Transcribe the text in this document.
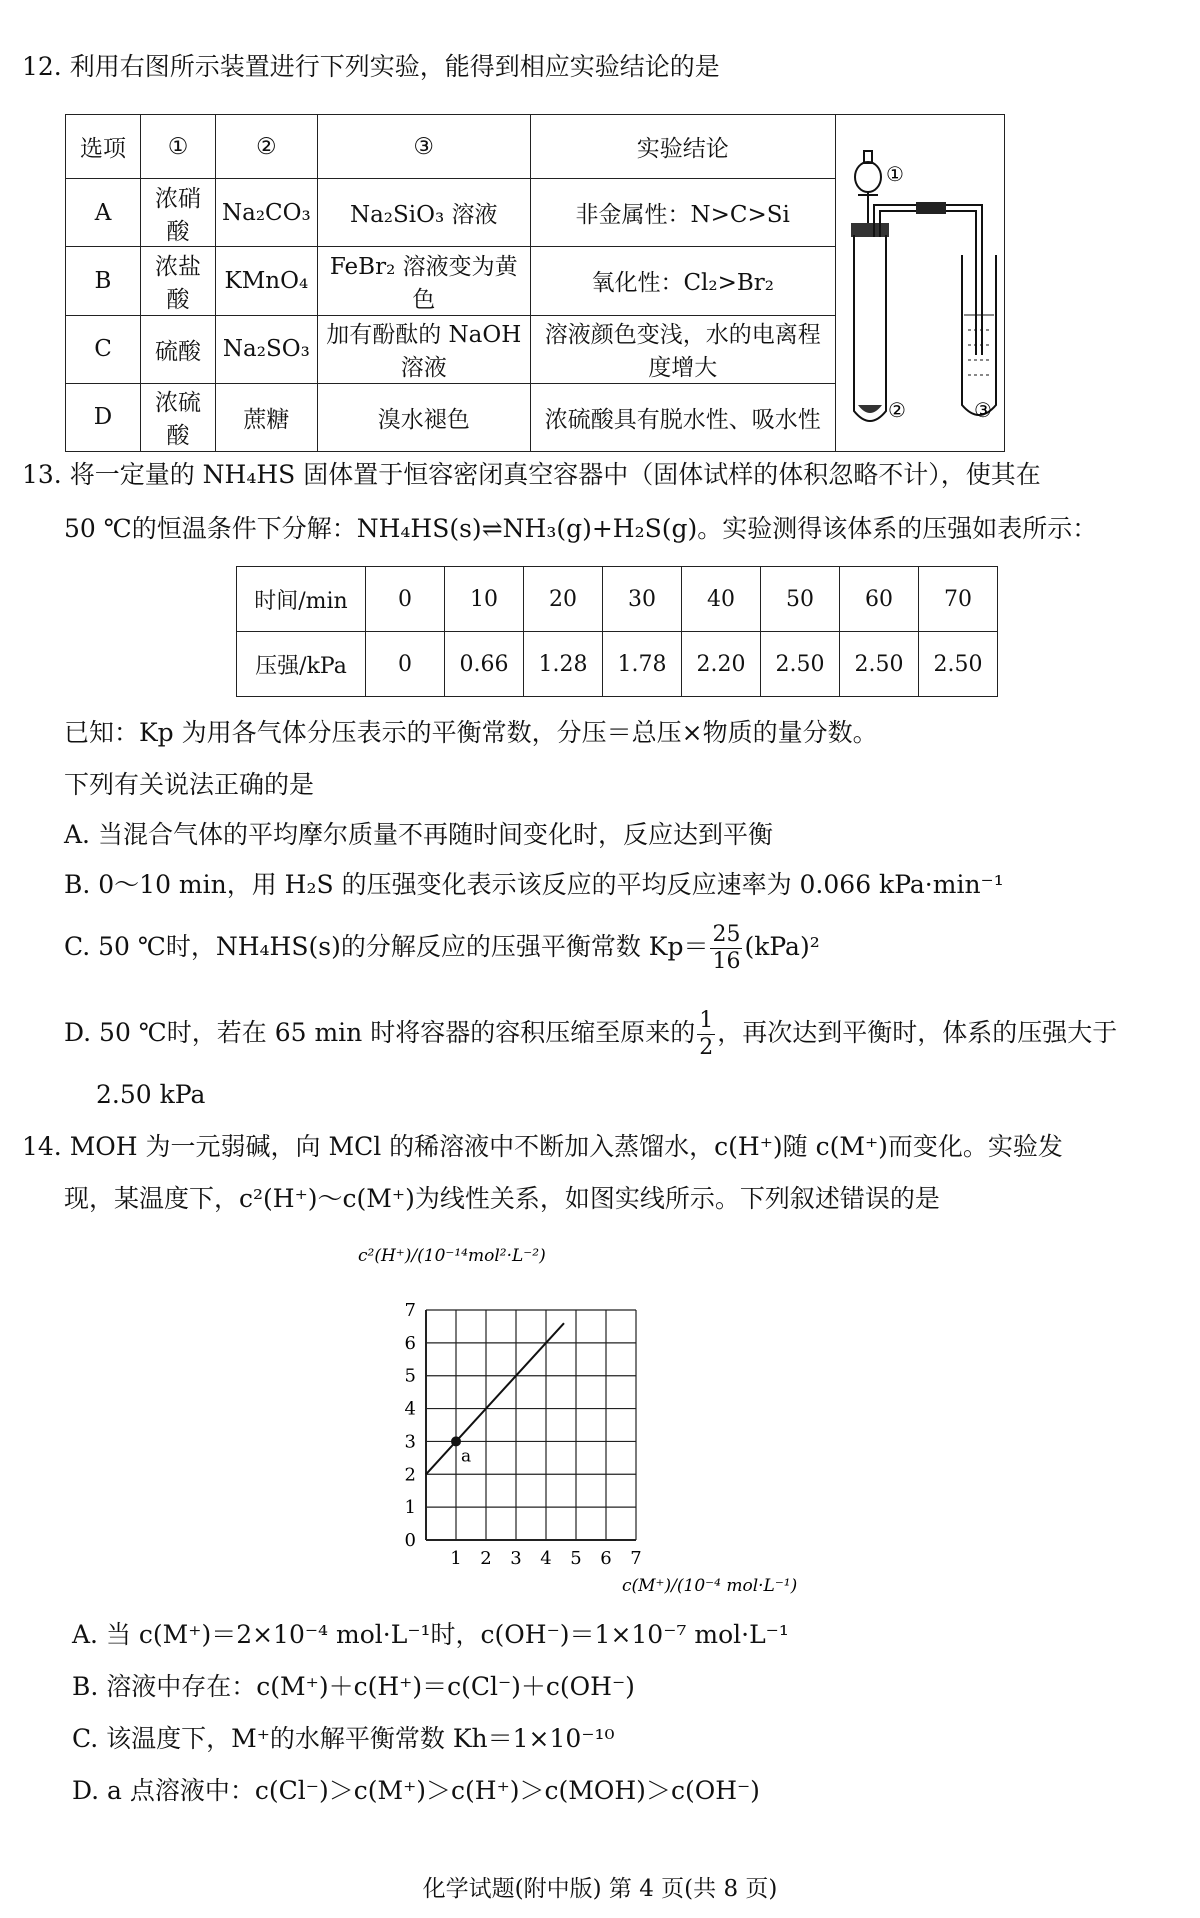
12. 利用右图所示装置进行下列实验，能得到相应实验结论的是
选项	①	②	③	实验结论	①
② ③

A	浓硝酸	Na₂CO₃	Na₂SiO₃ 溶液	非金属性：N>C>Si	
B	浓盐酸	KMnO₄	FeBr₂ 溶液变为黄色	氧化性：Cl₂>Br₂	
C	硫酸	Na₂SO₃	加有酚酞的 NaOH 溶液	溶液颜色变浅，水的电离程度增大	
D	浓硫酸	蔗糖	溴水褪色	浓硫酸具有脱水性、吸水性	
13. 将一定量的 NH₄HS 固体置于恒容密闭真空容器中（固体试样的体积忽略不计），使其在
50 ℃的恒温条件下分解：NH₄HS(s)⇌NH₃(g)+H₂S(g)。实验测得该体系的压强如表所示：
时间/min	0	10	20	30	40	50	60	70
压强/kPa	0	0.66	1.28	1.78	2.20	2.50	2.50	2.50
已知：Kp 为用各气体分压表示的平衡常数，分压＝总压×物质的量分数。
下列有关说法正确的是
A. 当混合气体的平均摩尔质量不再随时间变化时，反应达到平衡
B. 0～10 min，用 H₂S 的压强变化表示该反应的平均反应速率为 0.066 kPa·min⁻¹
C. 50 ℃时，NH₄HS(s)的分解反应的压强平衡常数 $Kp= \frac{25}{16} (kPa)^2$
D. 50 ℃时，若在 65 min 时将容器的容积压缩至原来的 $\frac{1}{2}$ ，再次达到平衡时，体系的压强大于
2.50 kPa
14. MOH 为一元弱碱，向 MCl 的稀溶液中不断加入蒸馏水，c(H⁺)随 c(M⁺)而变化。实验发
现，某温度下，c²(H⁺)～c(M⁺)为线性关系，如图实线所示。下列叙述错误的是
1 2 3 4 5 6 7
0
1
2
3
4
5
6
7
a
c²(H⁺)/(10⁻¹⁴mol²·L⁻²)
c(M⁺)/(10⁻⁴ mol·L⁻¹)
A. 当 c(M⁺)＝2×10⁻⁴ mol·L⁻¹时，c(OH⁻)＝1×10⁻⁷ mol·L⁻¹
B. 溶液中存在：c(M⁺)＋c(H⁺)＝c(Cl⁻)＋c(OH⁻)
C. 该温度下，M⁺的水解平衡常数 Kh＝1×10⁻¹⁰
D. a 点溶液中：c(Cl⁻)＞c(M⁺)＞c(H⁺)＞c(MOH)＞c(OH⁻)
化学试题(附中版) 第 4 页(共 8 页)
